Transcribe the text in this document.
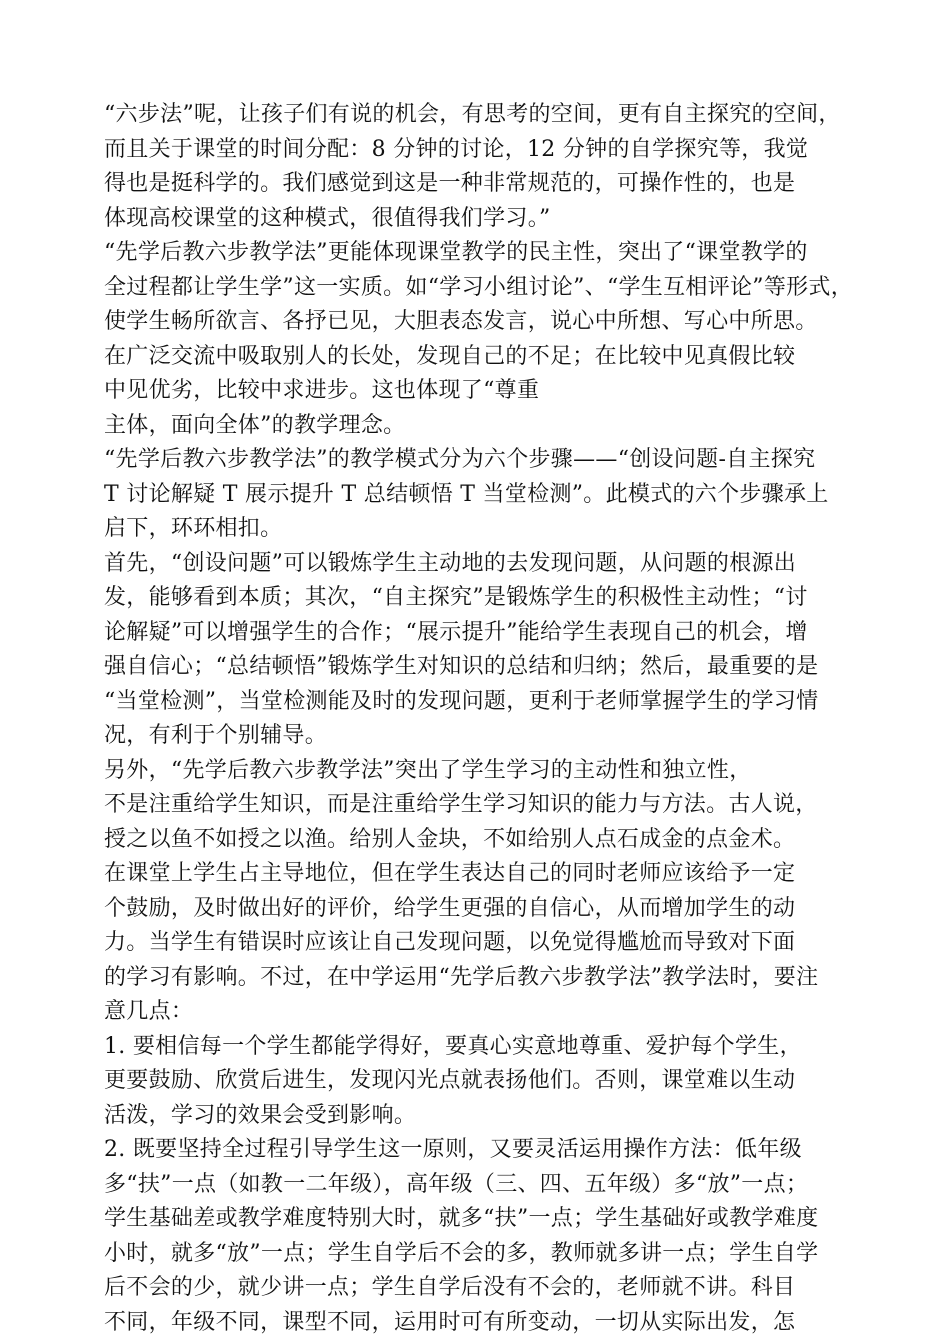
“六步法”呢，让孩子们有说的机会，有思考的空间，更有自主探究的空间，
而且关于课堂的时间分配：8 分钟的讨论，12 分钟的自学探究等，我觉
得也是挺科学的。我们感觉到这是一种非常规范的，可操作性的，也是
体现高校课堂的这种模式，很值得我们学习。”
“先学后教六步教学法”更能体现课堂教学的民主性，突出了“课堂教学的
全过程都让学生学”这一实质。如“学习小组讨论”、“学生互相评论”等形式，
使学生畅所欲言、各抒已见，大胆表态发言，说心中所想、写心中所思。
在广泛交流中吸取别人的长处，发现自己的不足；在比较中见真假比较
中见优劣，比较中求进步。这也体现了“尊重
主体，面向全体”的教学理念。
“先学后教六步教学法”的教学模式分为六个步骤——“创设问题-自主探究
T 讨论解疑 T 展示提升 T 总结顿悟 T 当堂检测”。此模式的六个步骤承上
启下，环环相扣。
首先，“创设问题”可以锻炼学生主动地的去发现问题，从问题的根源出
发，能够看到本质；其次，“自主探究”是锻炼学生的积极性主动性；“讨
论解疑”可以增强学生的合作；“展示提升”能给学生表现自己的机会，增
强自信心；“总结顿悟”锻炼学生对知识的总结和归纳；然后，最重要的是
“当堂检测”，当堂检测能及时的发现问题，更利于老师掌握学生的学习情
况，有利于个别辅导。
另外，“先学后教六步教学法”突出了学生学习的主动性和独立性，
不是注重给学生知识，而是注重给学生学习知识的能力与方法。古人说，
授之以鱼不如授之以渔。给别人金块，不如给别人点石成金的点金术。
在课堂上学生占主导地位，但在学生表达自己的同时老师应该给予一定
个鼓励，及时做出好的评价，给学生更强的自信心，从而增加学生的动
力。当学生有错误时应该让自己发现问题，以免觉得尴尬而导致对下面
的学习有影响。不过，在中学运用“先学后教六步教学法”教学法时，要注
意几点：
1. 要相信每一个学生都能学得好，要真心实意地尊重、爱护每个学生，
更要鼓励、欣赏后进生，发现闪光点就表扬他们。否则，课堂难以生动
活泼，学习的效果会受到影响。
2. 既要坚持全过程引导学生这一原则，又要灵活运用操作方法：低年级
多“扶”一点（如教一二年级），高年级（三、四、五年级）多“放”一点；
学生基础差或教学难度特别大时，就多“扶”一点；学生基础好或教学难度
小时，就多“放”一点；学生自学后不会的多，教师就多讲一点；学生自学
后不会的少，就少讲一点；学生自学后没有不会的，老师就不讲。科目
不同，年级不同，课型不同，运用时可有所变动，一切从实际出发，怎
